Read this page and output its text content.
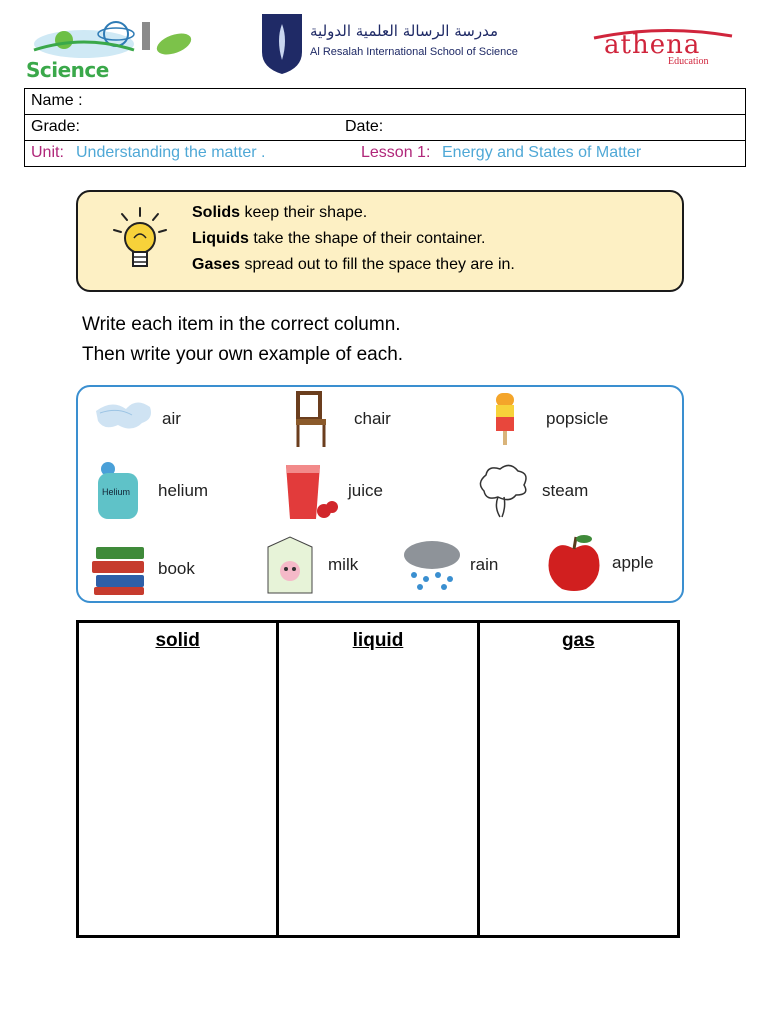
Science
مدرسة الرسالة العلمية الدولية
Al Resalah International School of Science	athena
Education
Name :
Grade:	Date:
Unit: Understanding the matter .	Lesson 1: Energy and States of Matter
Solids keep their shape.
Liquids take the shape of their container.
Gases spread out to fill the space they are in.
Write each item in the correct column.
Then write your own example of each.
air	chair	popsicle
Helium helium	juice	steam
book	milk	rain	apple
solid	liquid	gas
